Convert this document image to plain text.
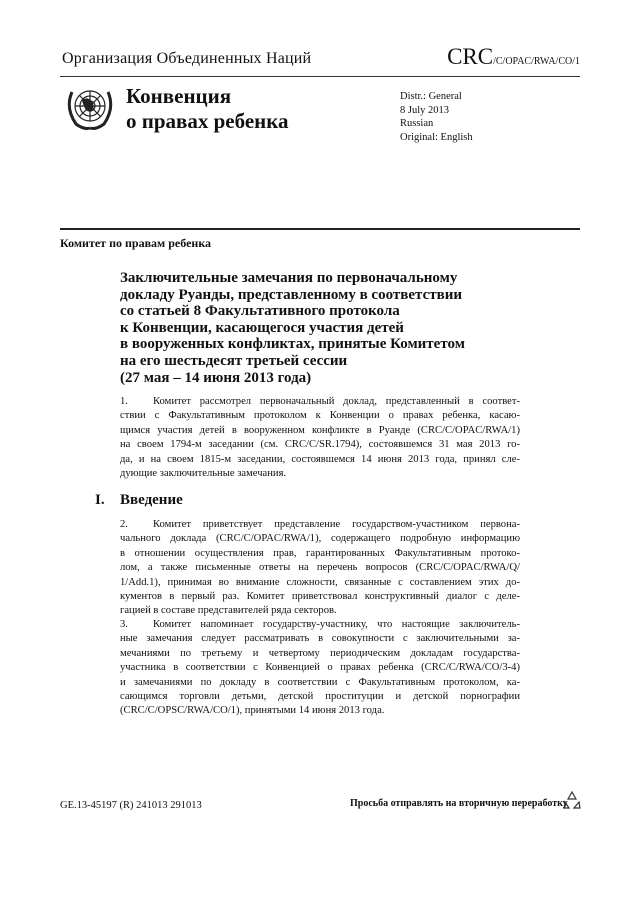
Организация Объединенных Наций	CRC/C/OPAC/RWA/CO/1
Конвенция
о правах ребенка
Distr.: General
8 July 2013
Russian
Original: English
Комитет по правам ребенка
Заключительные замечания по первоначальному
докладу Руанды, представленному в соответствии
со статьей 8 Факультативного протокола
к Конвенции, касающегося участия детей
в вооруженных конфликтах, принятые Комитетом
на его шестьдесят третьей сессии
(27 мая – 14 июня 2013 года)
1. Комитет рассмотрел первоначальный доклад, представленный в соответ-
ствии с Факультативным протоколом к Конвенции о правах ребенка, касаю-
щимся участия детей в вооруженном конфликте в Руанде (CRC/C/OPAC/RWA/1)
на своем 1794-м заседании (см. CRC/C/SR.1794), состоявшемся 31 мая 2013 го-
да, и на своем 1815-м заседании, состоявшемся 14 июня 2013 года, принял сле-
дующие заключительные замечания.
I. Введение
2. Комитет приветствует представление государством-участником первона-
чального доклада (CRC/C/OPAC/RWA/1), содержащего подробную информацию
в отношении осуществления прав, гарантированных Факультативным протоко-
лом, а также письменные ответы на перечень вопросов (CRC/C/OPAC/RWA/Q/
1/Add.1), принимая во внимание сложности, связанные с составлением этих до-
кументов в первый раз. Комитет приветствовал конструктивный диалог с деле-
гацией в составе представителей ряда секторов.
3. Комитет напоминает государству-участнику, что настоящие заключитель-
ные замечания следует рассматривать в совокупности с заключительными за-
мечаниями по третьему и четвертому периодическим докладам государства-
участника в соответствии с Конвенцией о правах ребенка (CRC/C/RWA/CO/3-4)
и замечаниями по докладу в соответствии с Факультативным протоколом, ка-
сающимся торговли детьми, детской проституции и детской порнографии
(CRC/C/OPSC/RWA/CO/1), принятыми 14 июня 2013 года.
GE.13-45197 (R) 241013 291013	Просьба отправлять на вторичную переработку
